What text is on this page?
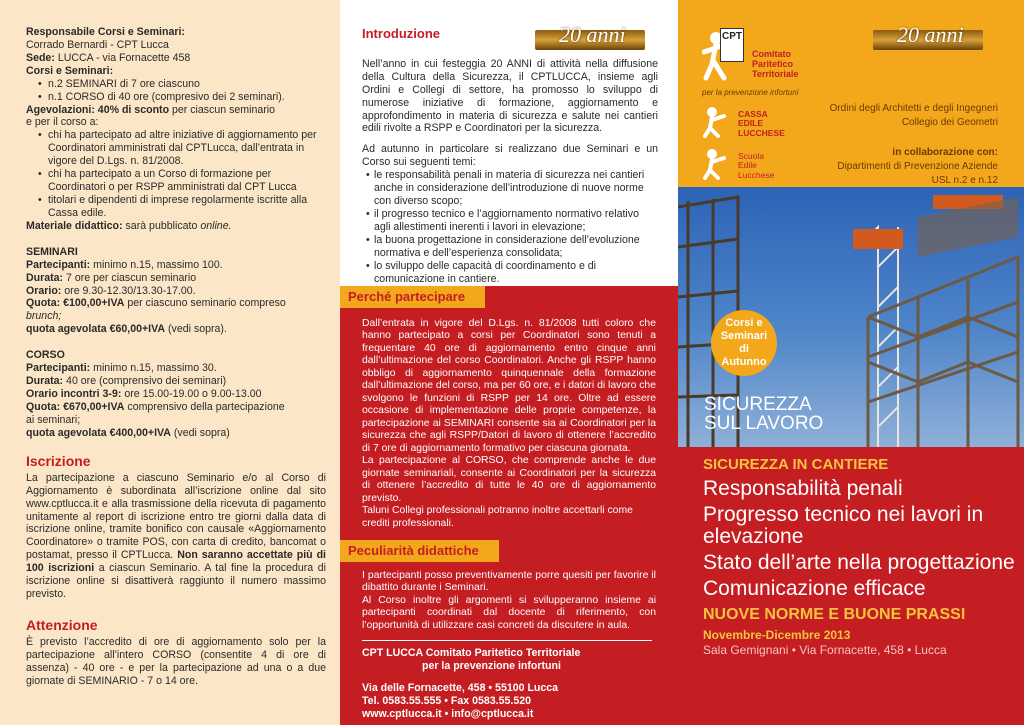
Responsabile Corsi e Seminari:
Corrado Bernardi - CPT Lucca
Sede: LUCCA - via Fornacette 458
Corsi e Seminari:
• n.2 SEMINARI di 7 ore ciascuno
• n.1 CORSO di 40 ore (compresivo dei 2 seminari).
Agevolazioni: 40% di sconto per ciascun seminario
e per il corso a:
• chi ha partecipato ad altre iniziative di aggiornamento per Coordinatori amministrati dal CPTLucca, dall’entrata in vigore del D.Lgs. n. 81/2008.
• chi ha partecipato a un Corso di formazione per Coordinatori o per RSPP amministrati dal CPT Lucca
• titolari e dipendenti di imprese regolarmente iscritte alla Cassa edile.
Materiale didattico: sarà pubblicato online.
SEMINARI
Partecipanti: minimo n.15, massimo 100.
Durata: 7 ore per ciascun seminario
Orario: ore 9.30-12.30/13.30-17.00.
Quota: €100,00+IVA per ciascuno seminario compreso
brunch;
quota agevolata €60,00+IVA (vedi sopra).
CORSO
Partecipanti: minimo n.15, massimo 30.
Durata: 40 ore (comprensivo dei seminari)
Orario incontri 3-9: ore 15.00-19.00 o 9.00-13.00
Quota: €670,00+IVA comprensivo della partecipazione
ai seminari;
quota agevolata €400,00+IVA (vedi sopra)
Iscrizione
La partecipazione a ciascuno Seminario e/o al Corso di Aggiornamento è subordinata all’iscrizione online dal sito www.cptlucca.it e alla trasmissione della ricevuta di pagamento unitamente al report di iscrizione entro tre giorni dalla data di iscrizione online, tramite bonifico con causale «Aggiornamento Coordinatore» o tramite POS, con carta di credito, bancomat o postamat, presso il CPTLucca. Non saranno accettate più di 100 iscrizioni a ciascun Seminario. A tal fine la procedura di iscrizione online si disattiverà raggiunto il numero massimo previsto.
Attenzione
È previsto l’accredito di ore di aggiornamento solo per la partecipazione all’intero CORSO (consentite 4 di ore di assenza) - 40 ore - e per la partecipazione ad una o a due giornate di SEMINARIO - 7 o 14 ore.
20 anni
Introduzione
Nell’anno in cui festeggia 20 ANNI di attività nella diffusione della Cultura della Sicurezza, il CPTLUCCA, insieme agli Ordini e Collegi di settore, ha promosso lo sviluppo di numerose iniziative di formazione, aggiornamento e approfondimento in materia di sicurezza e salute nei cantieri edili rivolte a RSPP e Coordinatori per la sicurezza.
Ad autunno in particolare si realizzano due Seminari e un Corso sui seguenti temi:
• le responsabilità penali in materia di sicurezza nei cantieri anche in considerazione dell’introduzione di nuove norme con diverso scopo;
• il progresso tecnico e l’aggiornamento normativo relativo agli allestimenti inerenti i lavori in elevazione;
• la buona progettazione in considerazione dell’evoluzione normativa e dell’esperienza consolidata;
• lo sviluppo delle capacità di coordinamento e di comunicazione in cantiere.
Perché partecipare
Dall’entrata in vigore del D.Lgs. n. 81/2008 tutti coloro che hanno partecipato a corsi per Coordinatori sono tenuti a frequentare 40 ore di aggiornamento entro cinque anni dall’ultimazione del corso Coordinatori. Anche gli RSPP hanno obbligo di aggiornamento quinquennale della formazione dall’ultimazione del corso, ma per 60 ore, e i datori di lavoro che svolgono le funzioni di RSPP per 14 ore. Oltre ad essere occasione di implementazione delle proprie competenze, la partecipazione ai SEMINARI consente sia ai Coordinatori per la sicurezza che agli RSPP/Datori di lavoro di ottenere l’accredito di 7 ore di aggiornamento formativo per ciascuna giornata.
La partecipazione al CORSO, che comprende anche le due giornate seminariali, consente ai Coordinatori per la sicurezza di ottenere l’accredito di tutte le 40 ore di aggiornamento previsto.
Taluni Collegi professionali potranno inoltre accettarli come crediti professionali.
Peculiarità didattiche
I partecipanti posso preventivamente porre quesiti per favorire il dibattito durante i Seminari.
Al Corso inoltre gli argomenti si svilupperanno insieme ai partecipanti coordinati dal docente di riferimento, con l’opportunità di utilizzare casi concreti da discutere in aula.
CPT LUCCA Comitato Paritetico Territoriale
per la prevenzione infortuni
Via delle Fornacette, 458 • 55100 Lucca
Tel. 0583.55.555 • Fax 0583.55.520
www.cptlucca.it • info@cptlucca.it
20 anni
CPT
Comitato
Paritetico
Territoriale
per la prevenzione infortuni
CASSA
EDILE
LUCCHESE
Scuola
Edile
Lucchese
Ordini degli Architetti e degli Ingegneri
Collegio dei Geometri
in collaborazione con:
Dipartimenti di Prevenzione Aziende
USL n.2 e n.12
Corsi e
Seminari
di
Autunno
SICUREZZA
SUL LAVORO
SICUREZZA IN CANTIERE
Responsabilità penali
Progresso tecnico nei lavori in elevazione
Stato dell’arte nella progettazione
Comunicazione efficace
NUOVE NORME E BUONE PRASSI
Novembre-Dicembre 2013
Sala Gemignani • Via Fornacette, 458 • Lucca
